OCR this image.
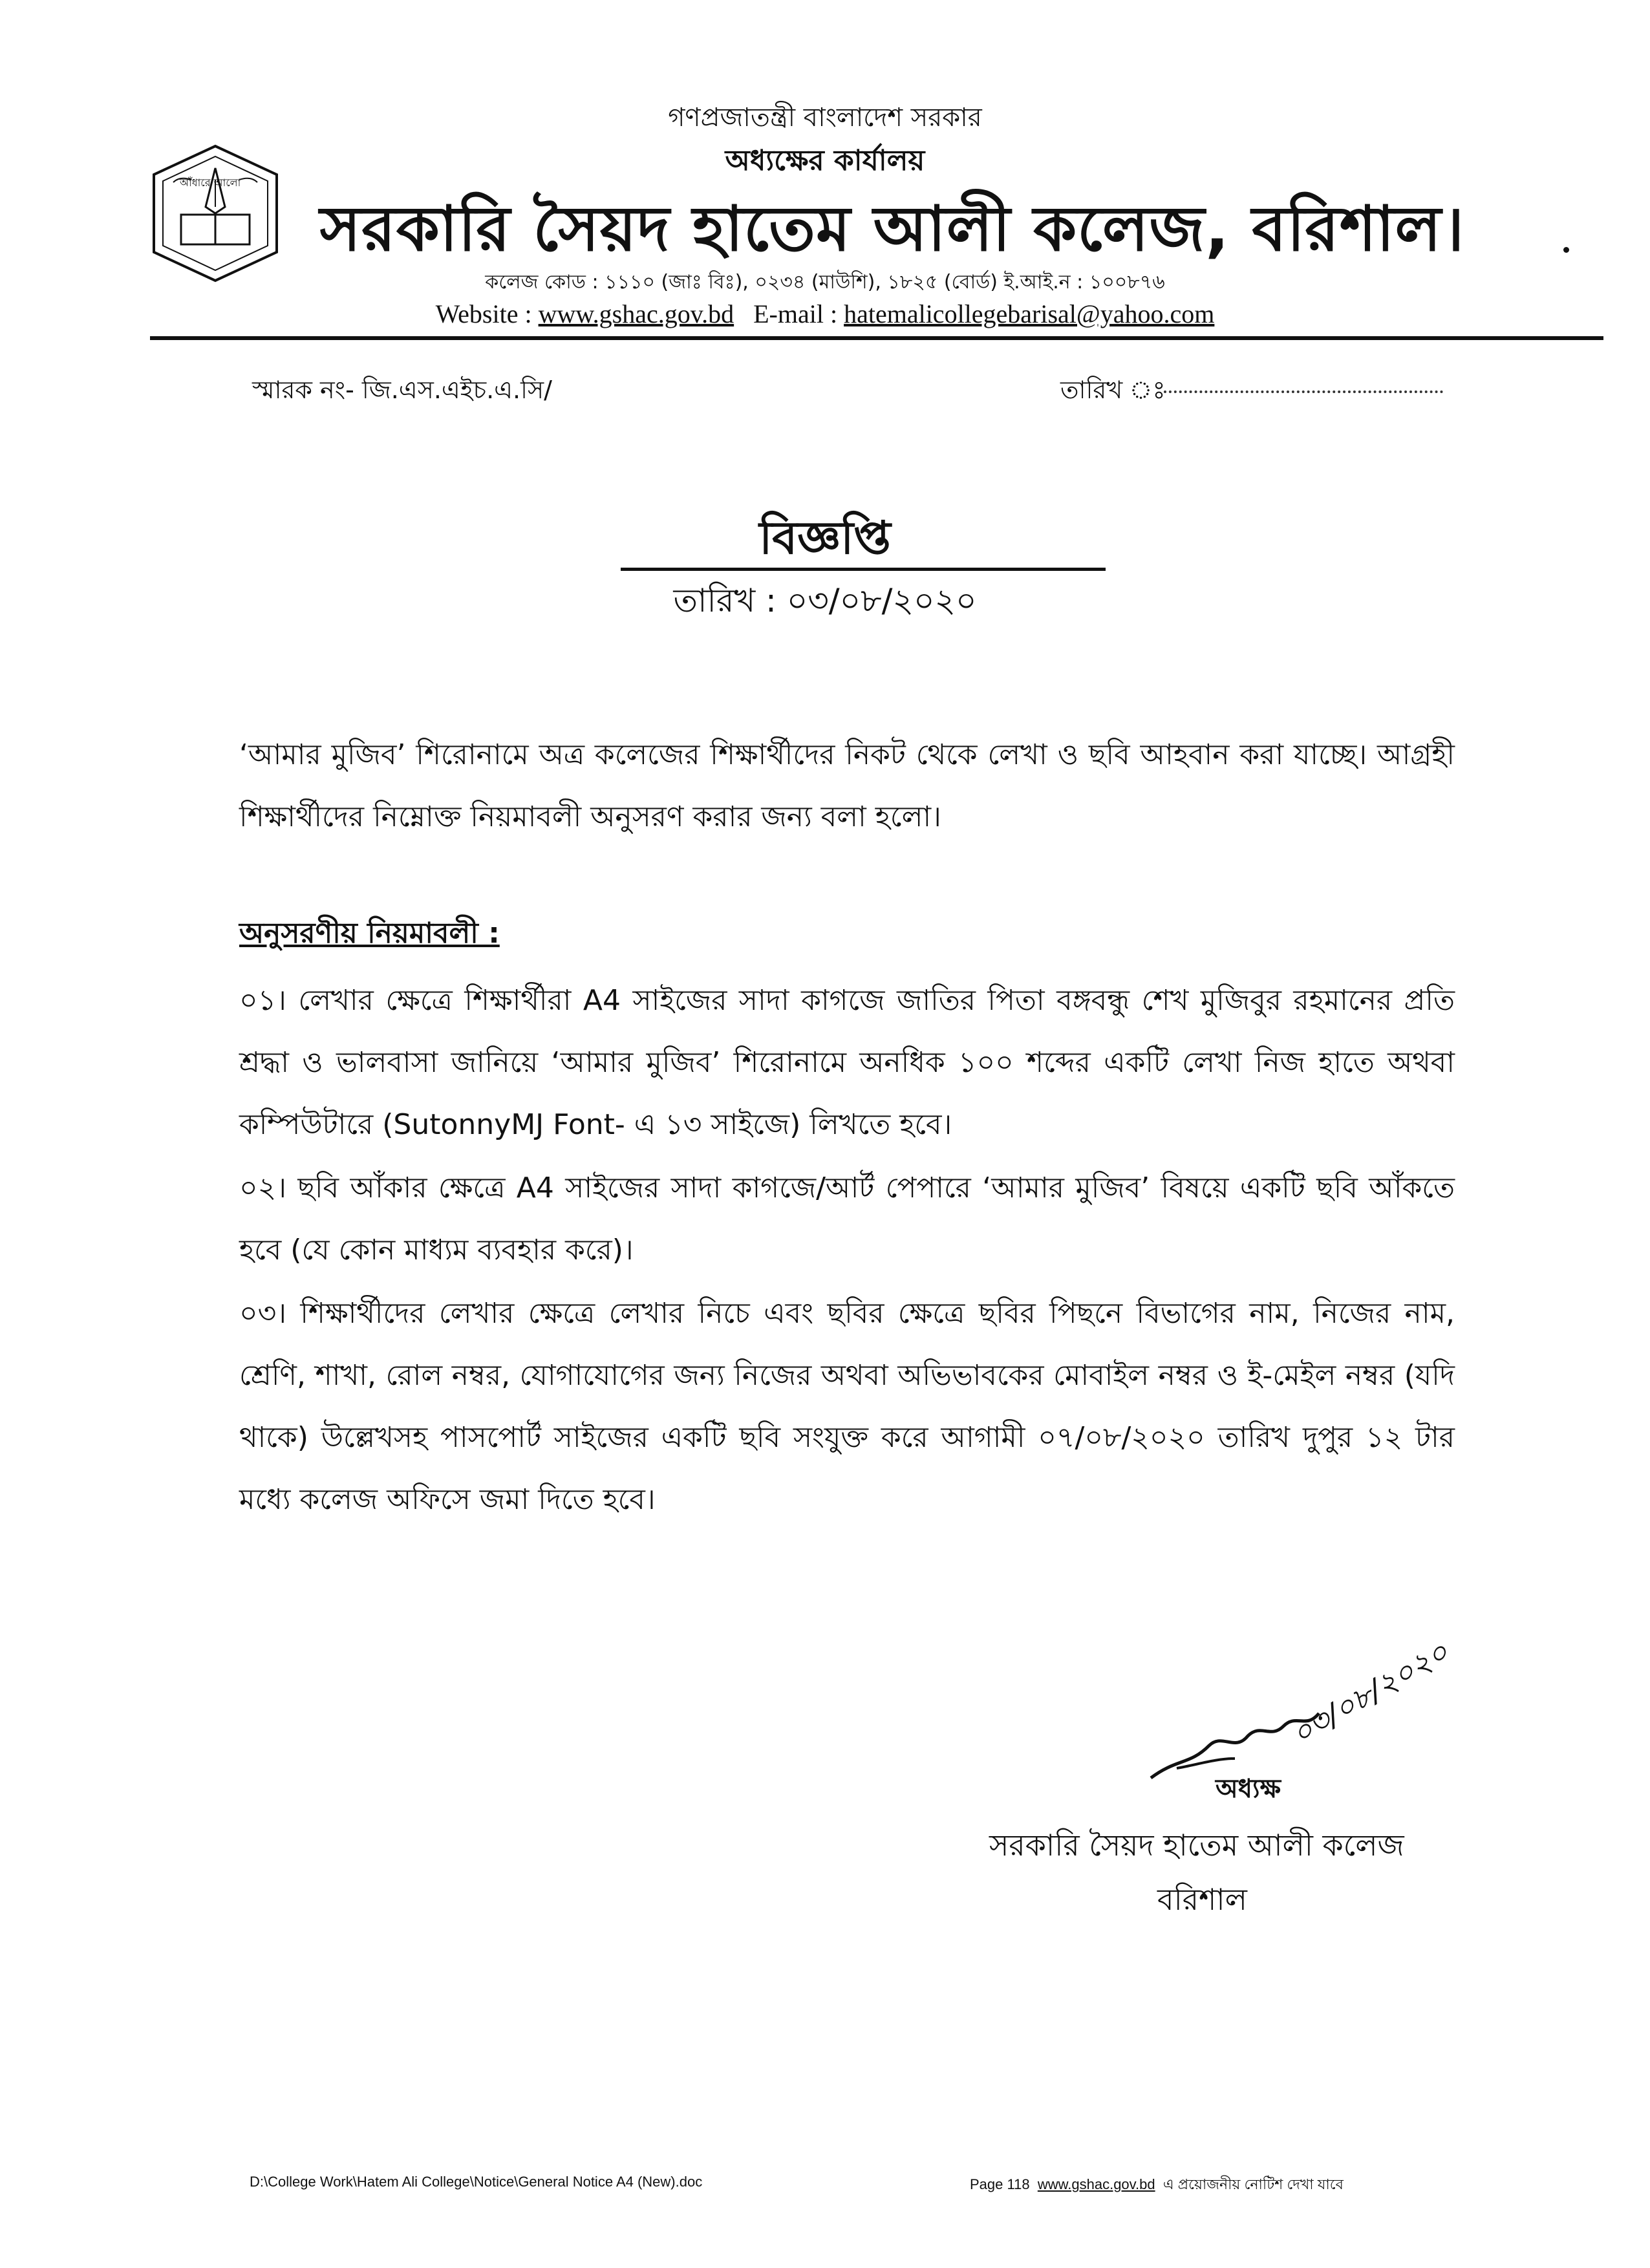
আঁধারে আলো
গণপ্রজাতন্ত্রী বাংলাদেশ সরকার
অধ্যক্ষের কার্যালয়
সরকারি সৈয়দ হাতেম আলী কলেজ, বরিশাল।
কলেজ কোড : ১১১০ (জাঃ বিঃ), ০২৩৪ (মাউশি), ১৮২৫ (বোর্ড) ই.আই.ন : ১০০৮৭৬
Website : www.gshac.gov.bd E-mail : hatemalicollegebarisal@yahoo.com
স্মারক নং- জি.এস.এইচ.এ.সি/	তারিখ ঃ
বিজ্ঞপ্তি
তারিখ : ০৩/০৮/২০২০
‘আমার মুজিব’ শিরোনামে অত্র কলেজের শিক্ষার্থীদের নিকট থেকে লেখা ও ছবি আহবান করা যাচ্ছে। আগ্রহী শিক্ষার্থীদের নিম্নোক্ত নিয়মাবলী অনুসরণ করার জন্য বলা হলো।
অনুসরণীয় নিয়মাবলী :
০১। লেখার ক্ষেত্রে শিক্ষার্থীরা A4 সাইজের সাদা কাগজে জাতির পিতা বঙ্গবন্ধু শেখ মুজিবুর রহমানের প্রতি শ্রদ্ধা ও ভালবাসা জানিয়ে ‘আমার মুজিব’ শিরোনামে অনধিক ১০০ শব্দের একটি লেখা নিজ হাতে অথবা কম্পিউটারে (SutonnyMJ Font- এ ১৩ সাইজে) লিখতে হবে।
০২। ছবি আঁকার ক্ষেত্রে A4 সাইজের সাদা কাগজে/আর্ট পেপারে ‘আমার মুজিব’ বিষয়ে একটি ছবি আঁকতে হবে (যে কোন মাধ্যম ব্যবহার করে)।
০৩। শিক্ষার্থীদের লেখার ক্ষেত্রে লেখার নিচে এবং ছবির ক্ষেত্রে ছবির পিছনে বিভাগের নাম, নিজের নাম, শ্রেণি, শাখা, রোল নম্বর, যোগাযোগের জন্য নিজের অথবা অভিভাবকের মোবাইল নম্বর ও ই-মেইল নম্বর (যদি থাকে) উল্লেখসহ পাসপোর্ট সাইজের একটি ছবি সংযুক্ত করে আগামী ০৭/০৮/২০২০ তারিখ দুপুর ১২ টার মধ্যে কলেজ অফিসে জমা দিতে হবে।
০৩/০৮/২০২০
অধ্যক্ষ
সরকারি সৈয়দ হাতেম আলী কলেজ
বরিশাল
D:\College Work\Hatem Ali College\Notice\General Notice A4 (New).doc	Page 118 www.gshac.gov.bd এ প্রয়োজনীয় নোটিশ দেখা যাবে
